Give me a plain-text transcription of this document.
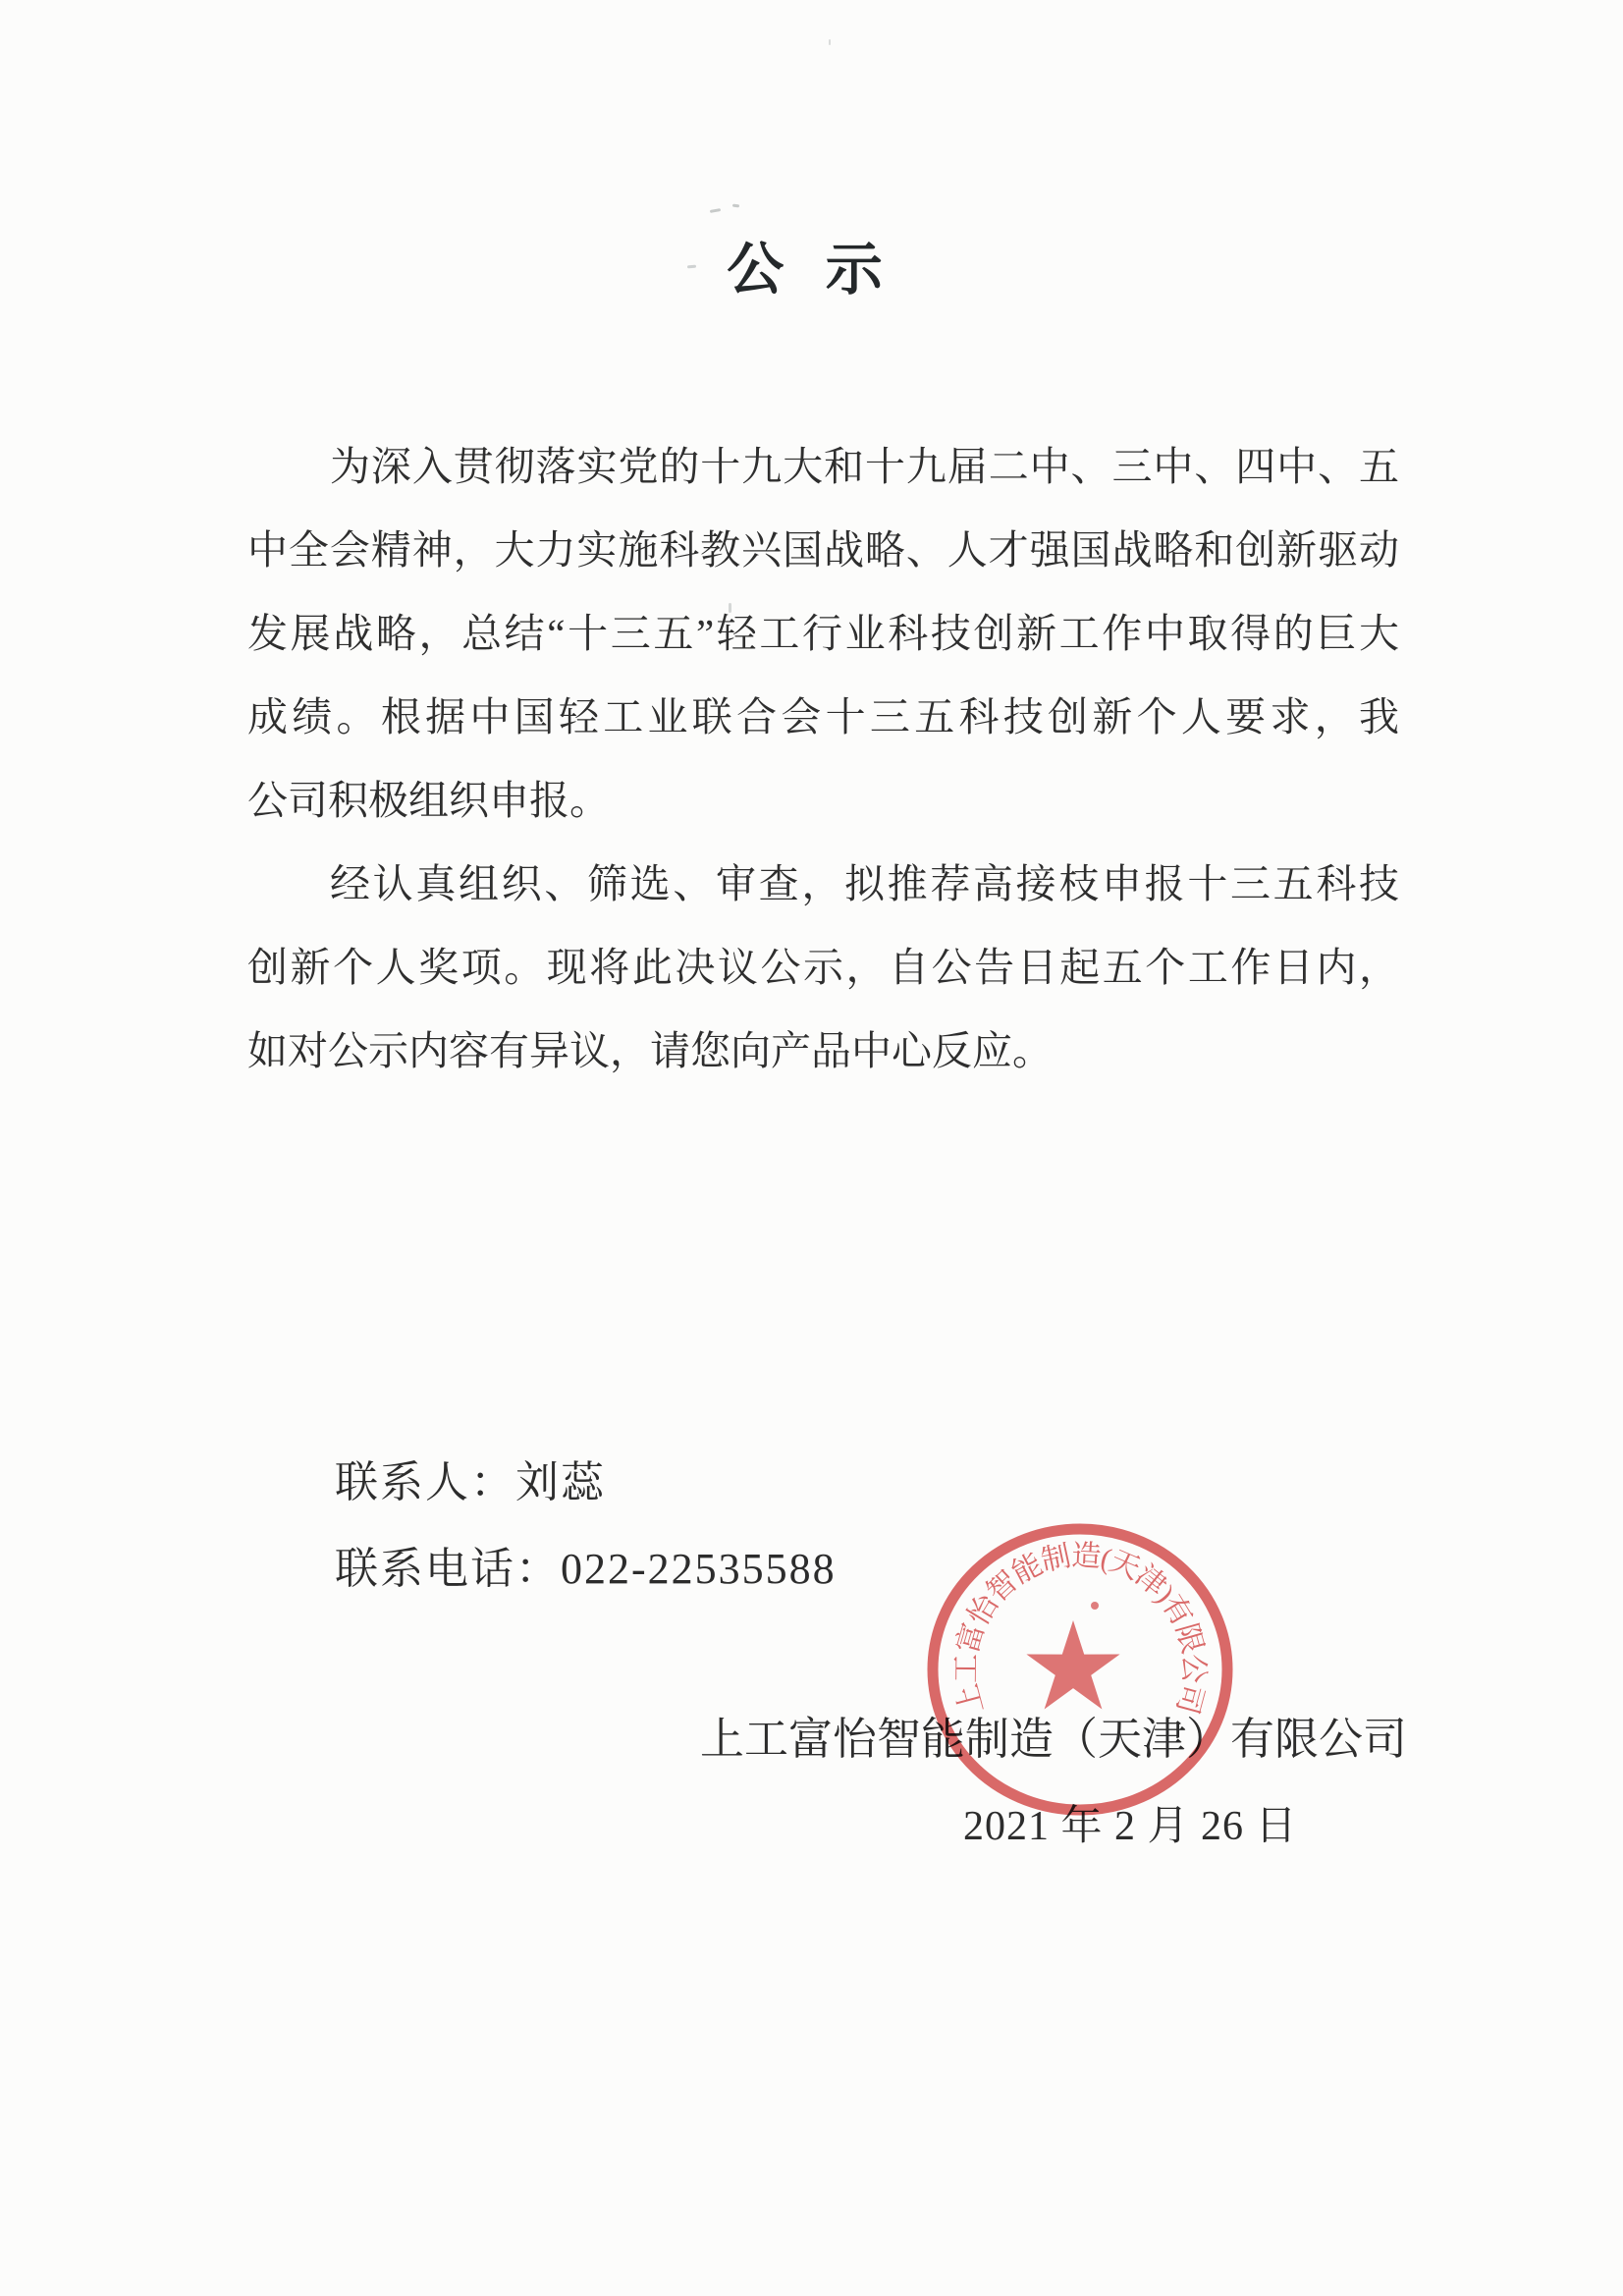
公 示
为深入贯彻落实党的十九大和十九届二中、三中、四中、五
中全会精神，大力实施科教兴国战略、人才强国战略和创新驱动
发展战略，总结“十三五”轻工行业科技创新工作中取得的巨大
成绩。根据中国轻工业联合会十三五科技创新个人要求，我
公司积极组织申报。
经认真组织、筛选、审查，拟推荐高接枝申报十三五科技
创新个人奖项。现将此决议公示，自公告日起五个工作日内，
如对公示内容有异议，请您向产品中心反应。
联系人：刘蕊
联系电话：022-22535588
上工富怡智能制造（天津）有限公司
2021 年 2 月 26 日
上工富怡智能制造(天津)有限公司
